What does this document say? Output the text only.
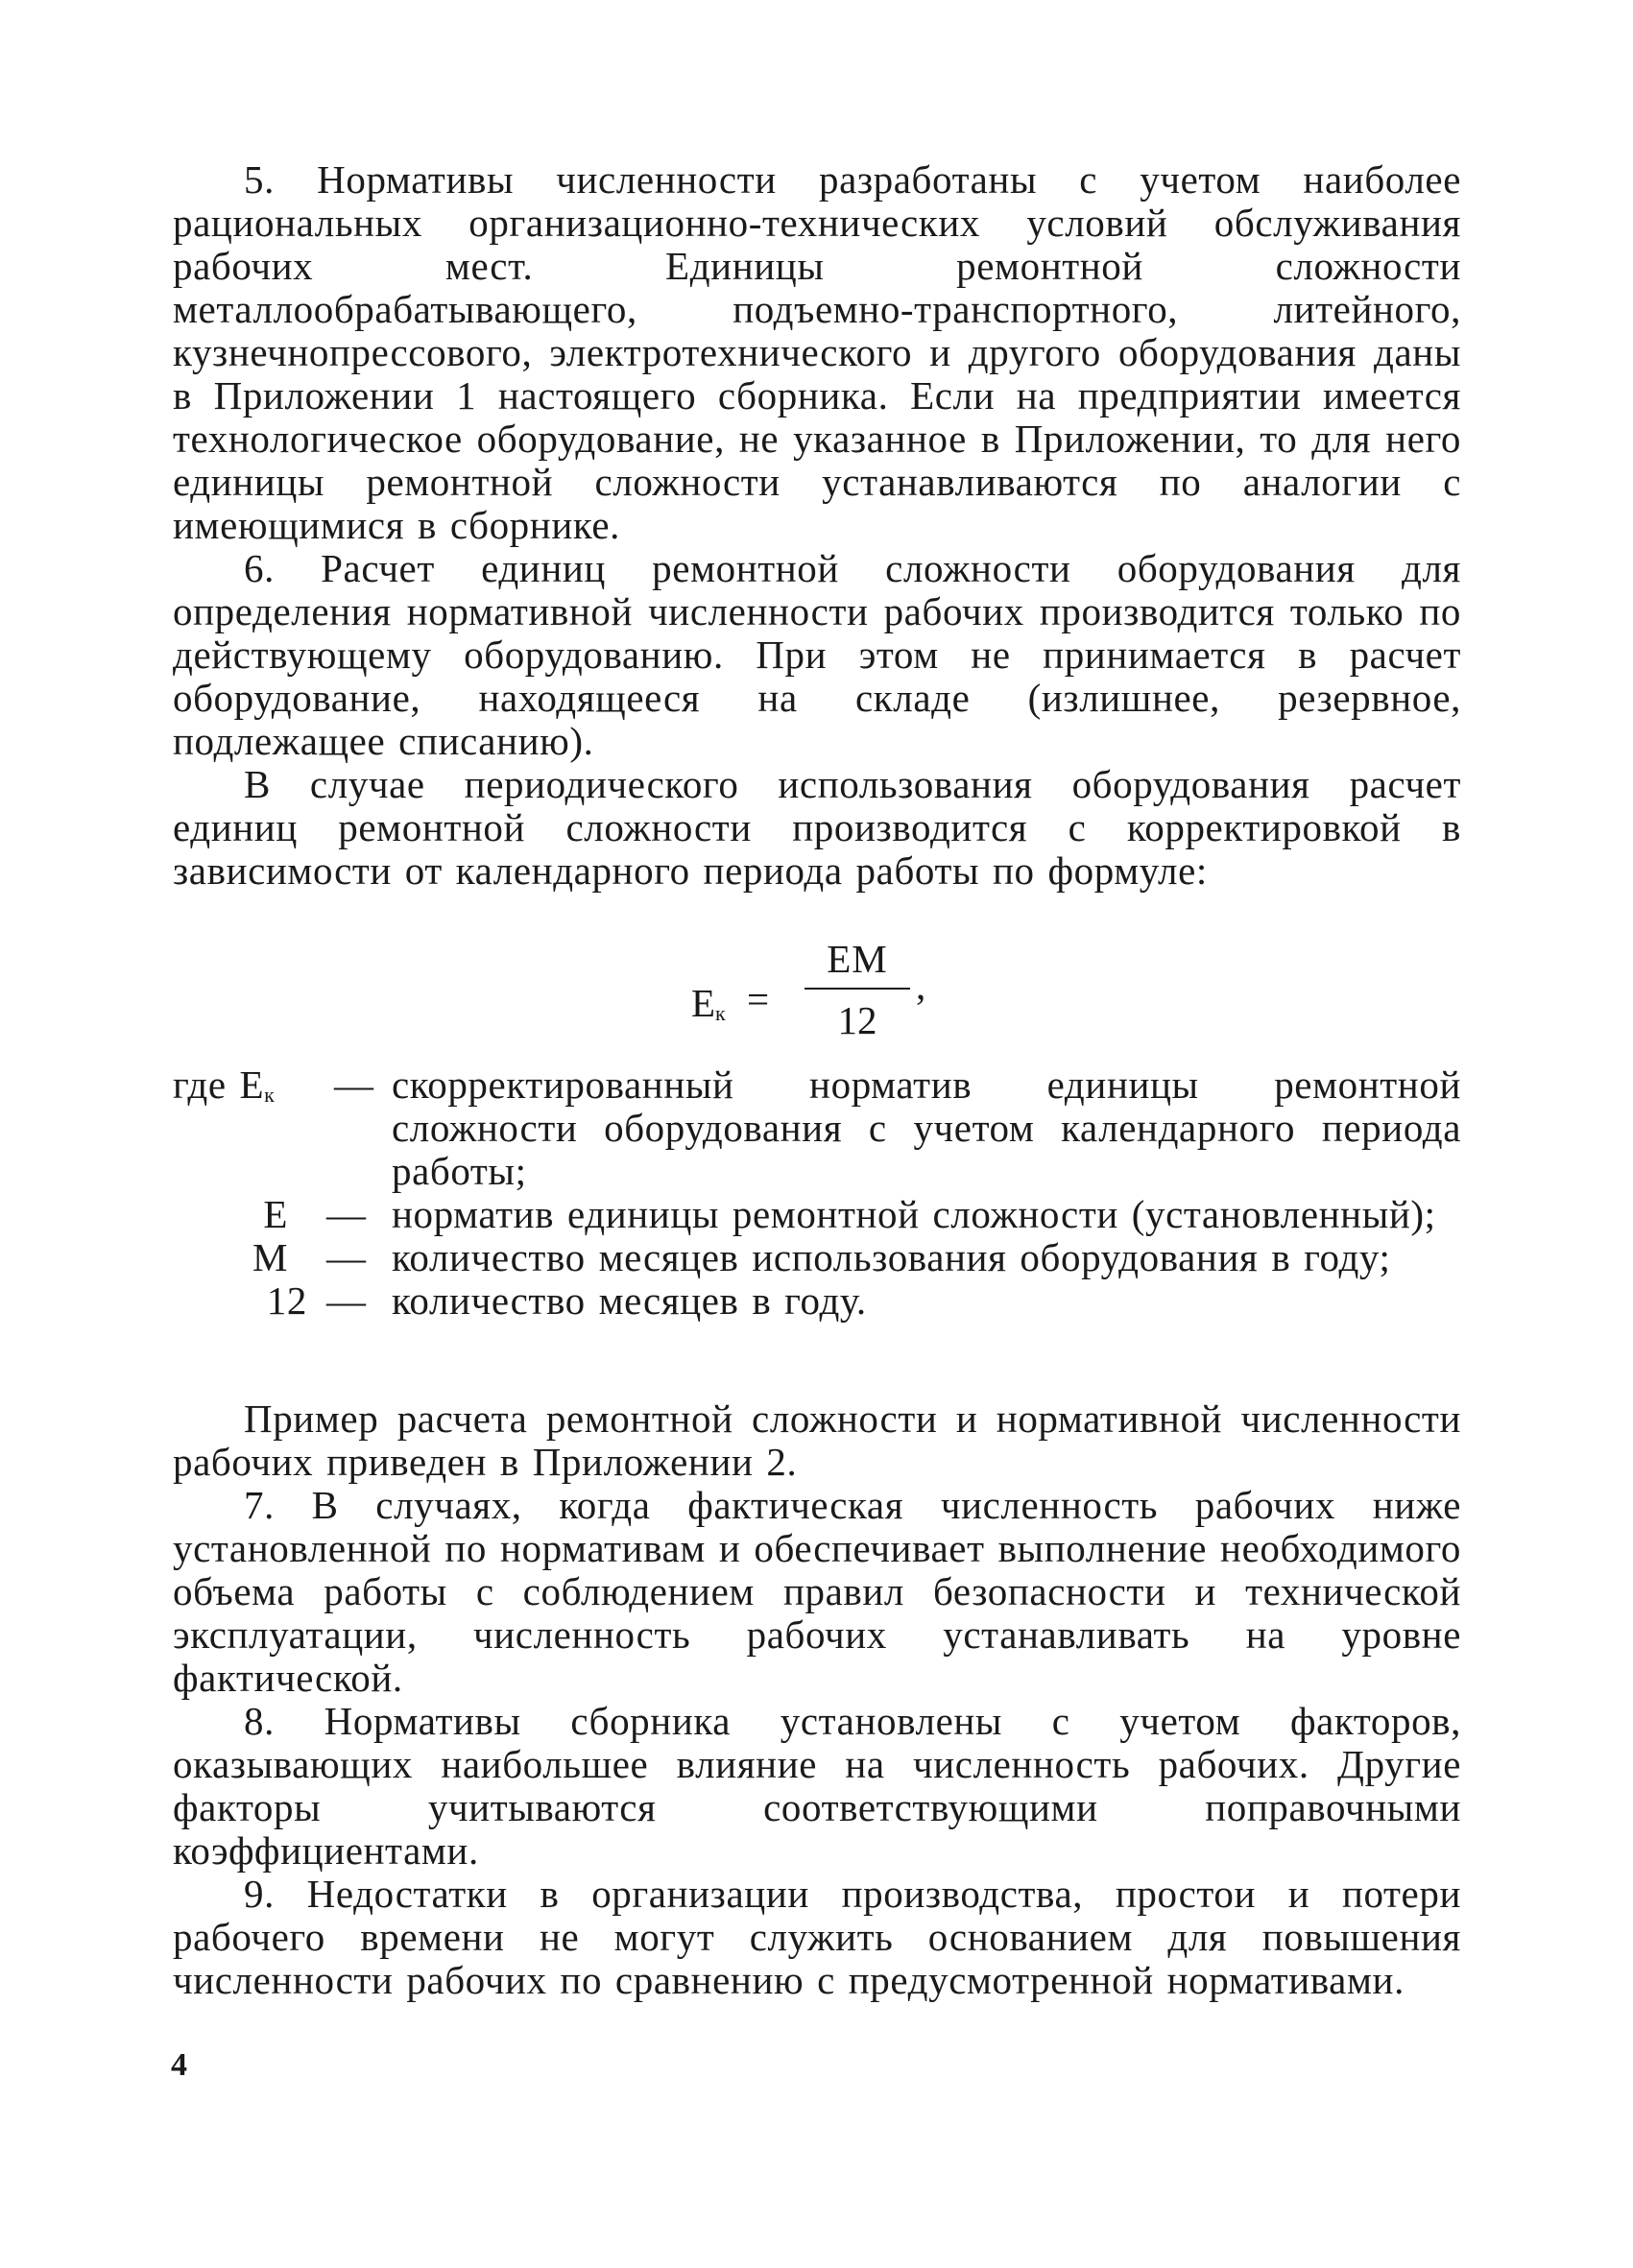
5. Нормативы численности разработаны с учетом наиболее рациональных организационно-технических условий обслуживания рабочих мест. Единицы ремонтной сложности металлообрабатывающего, подъемно-транспортного, литейного, кузнечнопрессового, электротехнического и другого оборудования даны в Приложении 1 настоящего сборника. Если на предприятии имеется технологическое оборудование, не указанное в Приложении, то для него единицы ремонтной сложности устанавливаются по аналогии с имеющимися в сборнике.

6. Расчет единиц ремонтной сложности оборудования для определения нормативной численности рабочих производится только по действующему оборудованию. При этом не принимается в расчет оборудование, находящееся на складе (излишнее, резервное, подлежащее списанию).

В случае периодического использования оборудования расчет единиц ремонтной сложности производится с корректировкой в зависимости от календарного периода работы по формуле:

$Е_к$ =
ЕМ
12
,
где $Е_к$	— скорректированный норматив единицы ремонтной сложности оборудования с учетом календарного периода работы;
Е — норматив единицы ремонтной сложности (установленный);
М — количество месяцев использования оборудования в году;
12 — количество месяцев в году.

Пример расчета ремонтной сложности и нормативной численности рабочих приведен в Приложении 2.

7. В случаях, когда фактическая численность рабочих ниже установленной по нормативам и обеспечивает выполнение необходимого объема работы с соблюдением правил безопасности и технической эксплуатации, численность рабочих устанавливать на уровне фактической.

8. Нормативы сборника установлены с учетом факторов, оказывающих наибольшее влияние на численность рабочих. Другие факторы учитываются соответствующими поправочными коэффициентами.

9. Недостатки в организации производства, простои и потери рабочего времени не могут служить основанием для повышения численности рабочих по сравнению с предусмотренной нормативами.

4
